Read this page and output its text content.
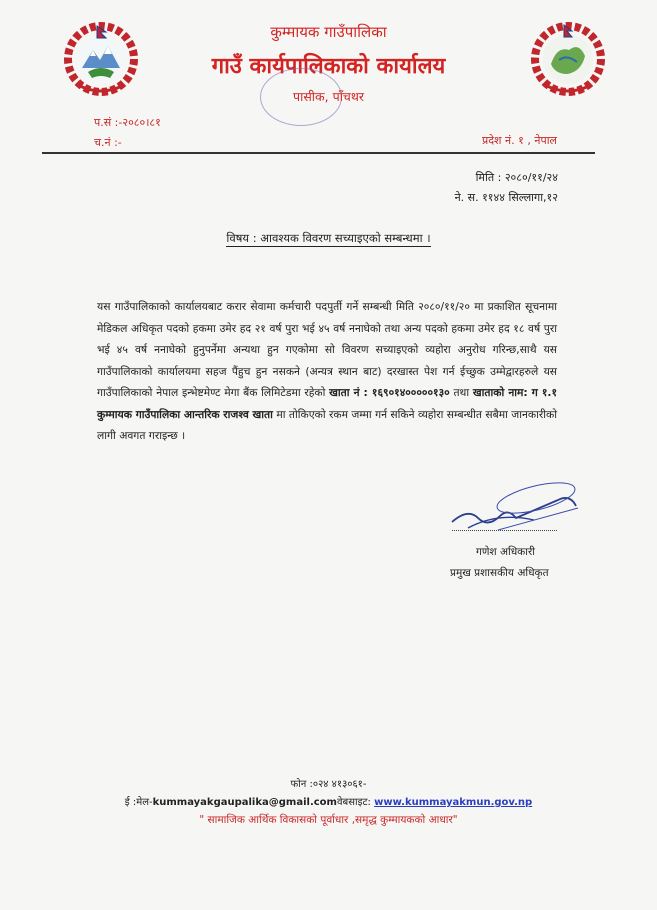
कुम्मायक गाउँपालिका
गाउँ कार्यपालिकाको कार्यालय
पासीक, पाँचथर
प.सं :-२०८०।८१
च.नं :-	प्रदेश नं. १ , नेपाल
मिति : २०८०/११/२४
ने. स. ११४४ सिल्लागा,१२
विषय : आवश्यक विवरण सच्याइएको सम्बन्धमा ।
यस गाउँपालिकाको कार्यालयबाट करार सेवामा कर्मचारी पदपुर्ती गर्ने सम्बन्धी मिति २०८०/११/२० मा प्रकाशित सूचनामा मेडिकल अधिकृत पदको हकमा उमेर हद २१ वर्ष पुरा भई ४५ वर्ष ननाघेको तथा अन्य पदको हकमा उमेर हद १८ वर्ष पुरा भई ४५ वर्ष ननाघेको हुनुपर्नेमा अन्यथा हुन गएकोमा सो विवरण सच्याइएको व्यहोरा अनुरोध गरिन्छ,साथै यस गाउँपालिकाको कार्यालयमा सहज पैंहुच हुन नसकने (अन्यत्र स्थान बाट) दरखास्त पेश गर्न ईच्छुक उम्मेद्वारहरुले यस गाउँपालिकाको नेपाल इन्भेष्टमेण्ट मेगा बैंक लिमिटेडमा रहेको खाता नं : १६९०१४०००००१३० तथा खाताको नाम: ग १.१ कुम्मायक गाउँपालिका आन्तरिक राजश्व खाता मा तोकिएको रकम जम्मा गर्न सकिने व्यहोरा सम्बन्धीत सबैमा जानकारीको लागी अवगत गराइन्छ ।
गणेश अधिकारी
प्रमुख प्रशासकीय अधिकृत
फोन :०२४ ४१३०६१-
ई :मेल-kummayakgaupalika@gmail.comवेबसाइट: www.kummayakmun.gov.np
" सामाजिक आर्थिक विकासको पूर्वाधार ,समृद्ध कुम्मायकको आधार"
